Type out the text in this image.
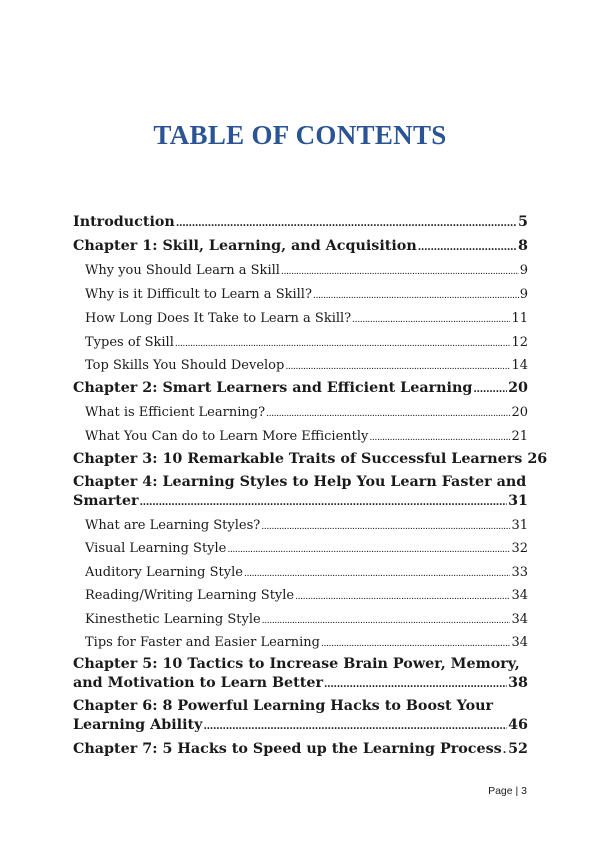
TABLE OF CONTENTS
Introduction .....	5
Chapter 1: Skill, Learning, and Acquisition .....	8
Why you Should Learn a Skill .....	9
Why is it Difficult to Learn a Skill? .....	9
How Long Does It Take to Learn a Skill? .....	11
Types of Skill .....	12
Top Skills You Should Develop .....	14
Chapter 2: Smart Learners and Efficient Learning .....	20
What is Efficient Learning? .....	20
What You Can do to Learn More Efficiently .....	21
Chapter 3: 10 Remarkable Traits of Successful Learners 26
Chapter 4: Learning Styles to Help You Learn Faster and
Smarter .....	31
What are Learning Styles? .....	31
Visual Learning Style .....	32
Auditory Learning Style .....	33
Reading/Writing Learning Style .....	34
Kinesthetic Learning Style .....	34
Tips for Faster and Easier Learning .....	34
Chapter 5: 10 Tactics to Increase Brain Power, Memory,
and Motivation to Learn Better .....	38
Chapter 6: 8 Powerful Learning Hacks to Boost Your
Learning Ability .....	46
Chapter 7: 5 Hacks to Speed up the Learning Process ..... 52
Page | 3
